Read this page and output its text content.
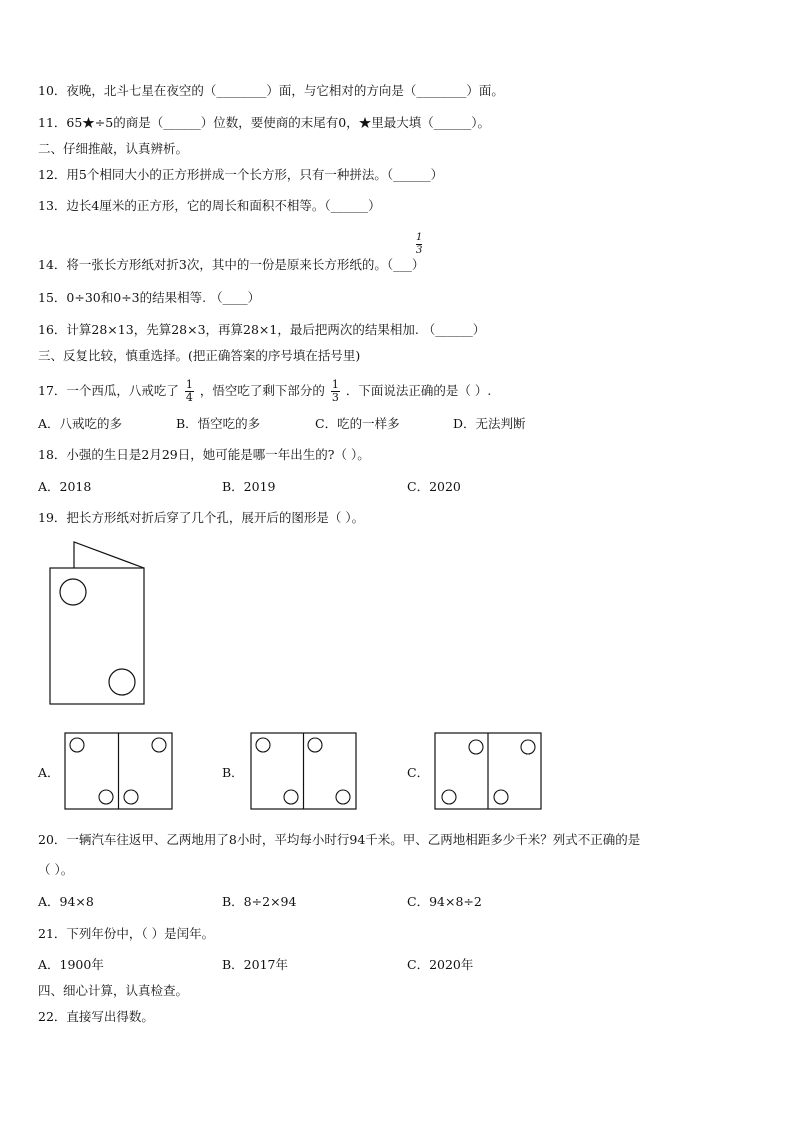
10．夜晚，北斗七星在夜空的（________）面，与它相对的方向是（________）面。
11．65★÷5的商是（______）位数，要使商的末尾有0，★里最大填（______）。
二、仔细推敲，认真辨析。
12．用5个相同大小的正方形拼成一个长方形，只有一种拼法。（______）
13．边长4厘米的正方形，它的周长和面积不相等。（______）
14．将一张长方形纸对折3次，其中的一份是原来长方形纸的。（___）
$\frac{1}{3}$
15．0÷30和0÷3的结果相等. （____）
16．计算28×13，先算28×3，再算28×1，最后把两次的结果相加. （______）
三、反复比较，慎重选择。(把正确答案的序号填在括号里)
17．一个西瓜，八戒吃了 $\frac{1}{4}$ ，悟空吃了剩下部分的 $\frac{1}{3}$ ．下面说法正确的是（ ）.
A．八戒吃的多	B．悟空吃的多	C．吃的一样多	D．无法判断
18．小强的生日是2月29日，她可能是哪一年出生的?（ ）。
A．2018	B．2019	C．2020
19．把长方形纸对折后穿了几个孔，展开后的图形是（ ）。
A．	B．	C．
20．一辆汽车往返甲、乙两地用了8小时，平均每小时行94千米。甲、乙两地相距多少千米？列式不正确的是
（ ）。
A．94×8	B．8÷2×94	C．94×8÷2
21．下列年份中，（ ）是闰年。
A．1900年	B．2017年	C．2020年
四、细心计算，认真检查。
22．直接写出得数。
